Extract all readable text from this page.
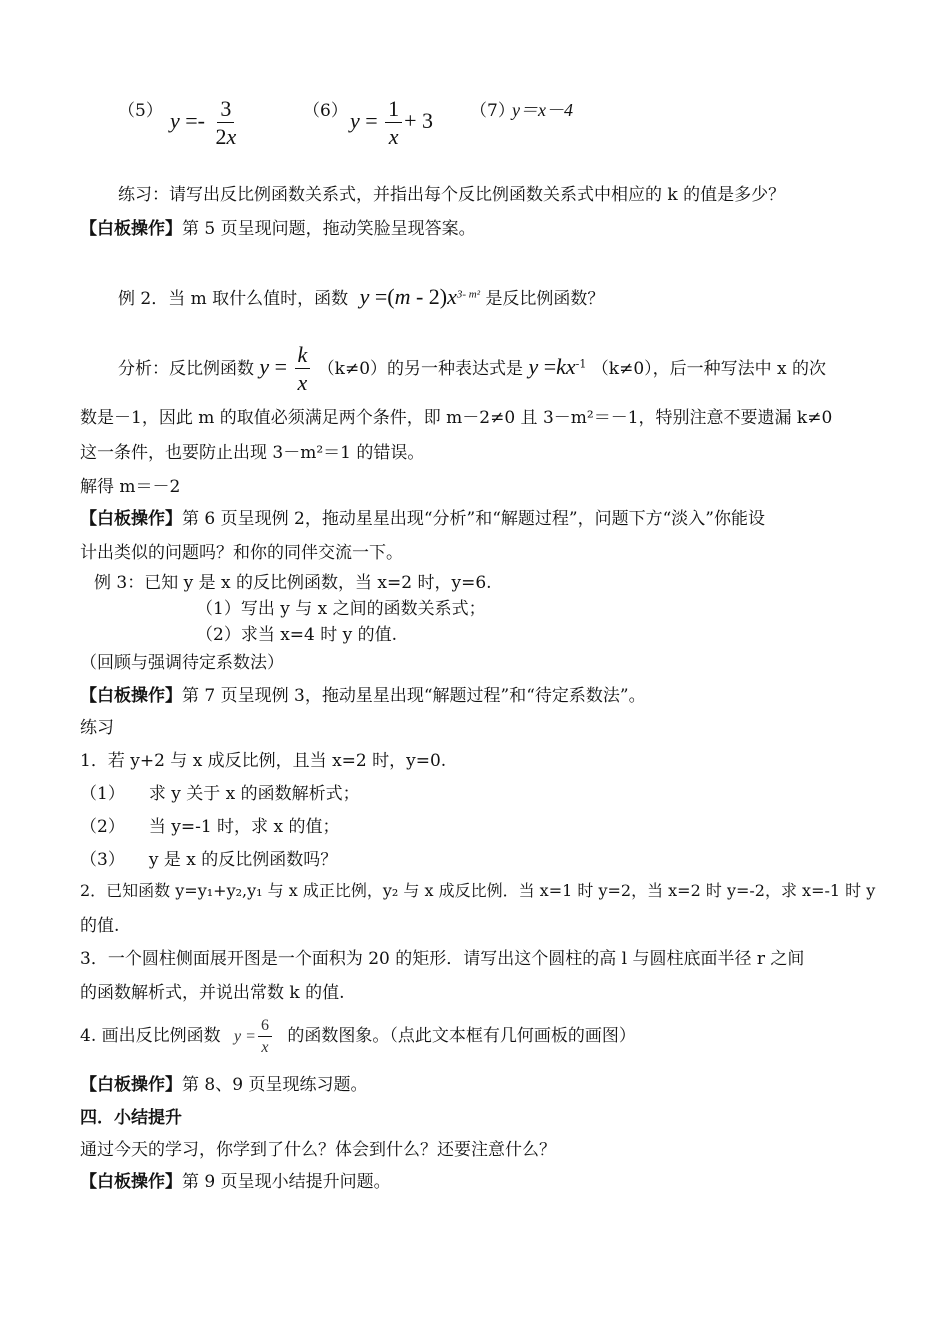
（5） $y =- \frac{3}{2x}$	（6） $y = \frac{1}{x} + 3$ （7）
y＝x－4
练习：请写出反比例函数关系式，并指出每个反比例函数关系式中相应的 k 的值是多少？
【白板操作】第 5 页呈现问题，拖动笑脸呈现答案。
例 2．当 m 取什么值时，函数 $y =(m - 2)x^{3- m^2}$ 是反比例函数？
分析：反比例函数 $y = \frac{k}{x} (k\ne 0)$的另一种表达式是 $y =kx^{-1}$ （k≠0），后一种写法中 x 的次
数是－1，因此 m 的取值必须满足两个条件，即 m－2≠0 且 3－m²＝－1，特别注意不要遗漏 k≠0
这一条件，也要防止出现 3－m²＝1 的错误。
解得 m＝－2
【白板操作】第 6 页呈现例 2，拖动星星出现“分析”和“解题过程”，问题下方“淡入”你能设
计出类似的问题吗？和你的同伴交流一下。
例 3：已知 y 是 x 的反比例函数，当 x=2 时，y=6.
（1）写出 y 与 x 之间的函数关系式；
（2）求当 x=4 时 y 的值.
（回顾与强调待定系数法）
【白板操作】第 7 页呈现例 3，拖动星星出现“解题过程”和“待定系数法”。
练习
1．若 y+2 与 x 成反比例，且当 x=2 时，y=0.
（1） 求 y 关于 x 的函数解析式；
（2） 当 y=-1 时，求 x 的值；
（3） y 是 x 的反比例函数吗？
2．已知函数 y=y₁+y₂,y₁ 与 x 成正比例，y₂ 与 x 成反比例．当 x=1 时 y=2，当 x=2 时 y=-2，求 x=-1 时 y
的值.
3．一个圆柱侧面展开图是一个面积为 20 的矩形．请写出这个圆柱的高 l 与圆柱底面半径 r 之间
的函数解析式，并说出常数 k 的值.
4. 画出反比例函数 $y = \frac{6}{x}$ 的函数图象。（点此文本框有几何画板的画图）
【白板操作】第 8、9 页呈现练习题。
四．小结提升
通过今天的学习，你学到了什么？体会到什么？还要注意什么？
【白板操作】第 9 页呈现小结提升问题。
